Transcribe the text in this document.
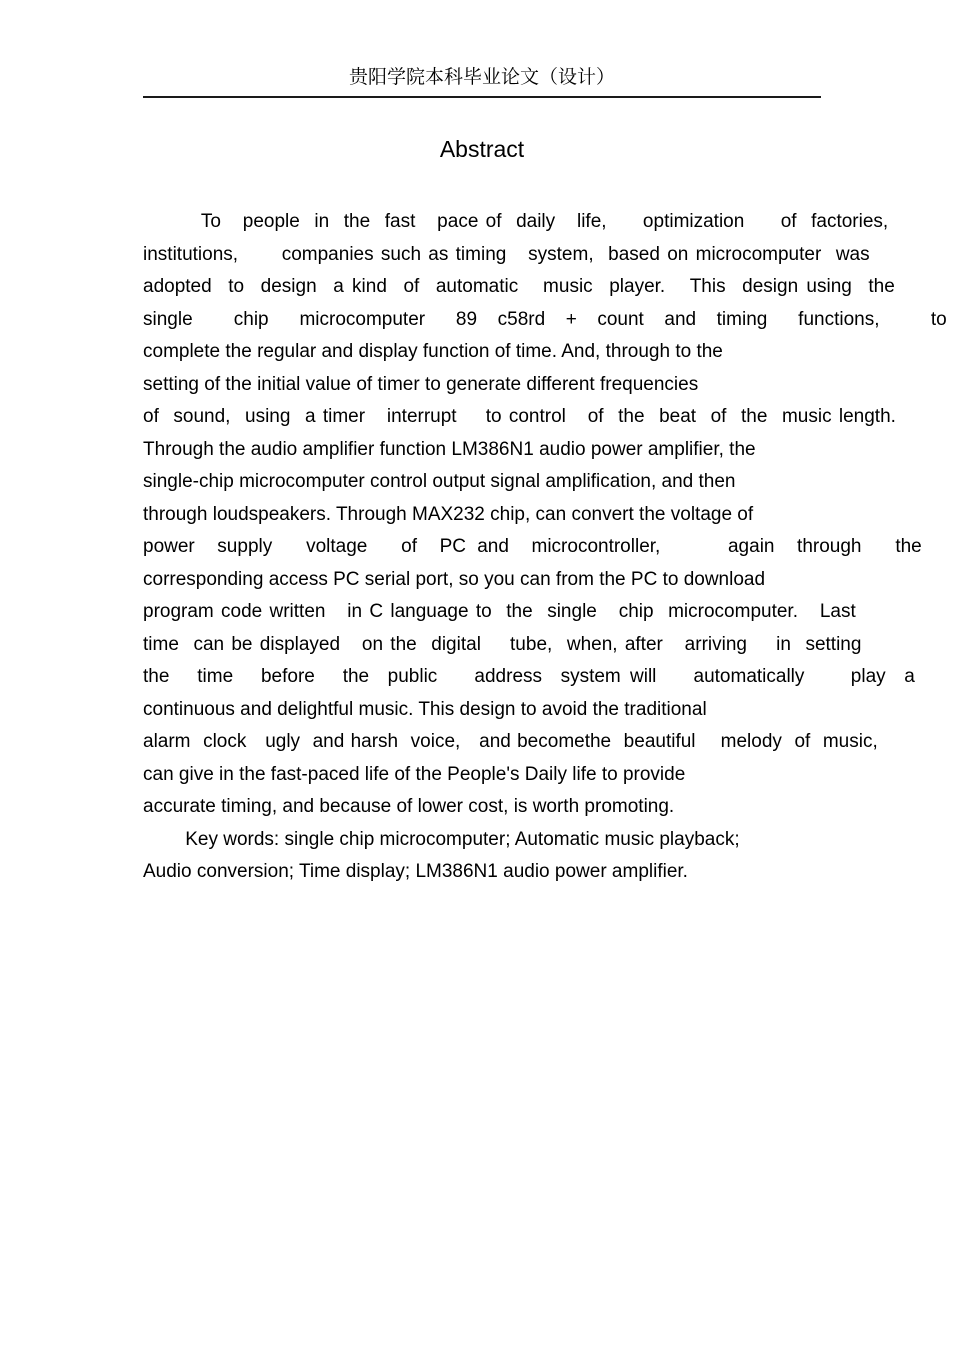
贵阳学院本科毕业论文（设计）
Abstract
To   people  in  the  fast   pace of  daily   life,     optimization     of  factories,
institutions,      companies such as timing   system,  based on microcomputer  was
adopted  to  design  a kind  of  automatic   music  player.   This  design using  the
single    chip   microcomputer   89  c58rd  +  count  and  timing   functions,     to
complete the regular and display function of time. And, through to the
setting of the initial value of timer to generate different frequencies
of  sound,  using  a timer   interrupt    to control   of  the  beat  of  the  music length.
Through the audio amplifier function LM386N1 audio power amplifier, the
single-chip microcomputer control output signal amplification, and then
through loudspeakers. Through MAX232 chip, can convert the voltage of
power  supply   voltage   of  PC and  microcontroller,      again  through   the
corresponding access PC serial port, so you can from the PC to download
program code written   in C language to  the  single   chip  microcomputer.   Last
time  can be displayed   on the  digital    tube,  when, after   arriving    in  setting
the   time   before   the  public    address  system will    automatically     play  a
continuous and delightful music. This design to avoid the traditional
alarm  clock   ugly  and harsh  voice,   and becomethe  beautiful    melody  of  music,
can give in the fast-paced life of the People's Daily life to provide
accurate timing, and because of lower cost, is worth promoting.
Key words: single chip microcomputer; Automatic music playback;
Audio conversion; Time display; LM386N1 audio power amplifier.
